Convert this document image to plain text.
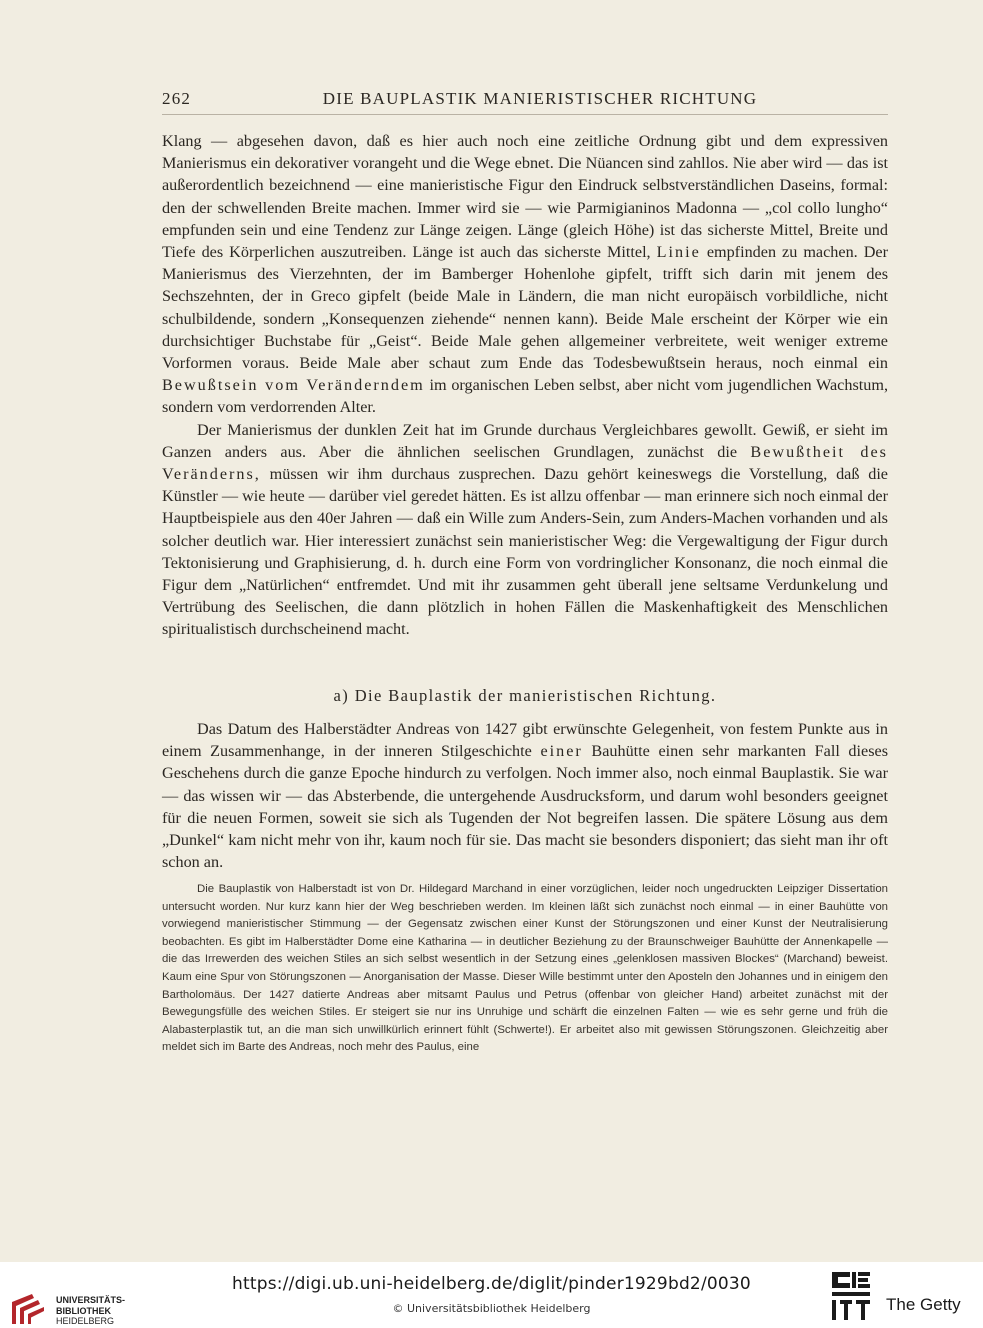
262	DIE BAUPLASTIK MANIERISTISCHER RICHTUNG

Klang — abgesehen davon, daß es hier auch noch eine zeitliche Ordnung gibt und dem expressiven Manierismus ein dekorativer vorangeht und die Wege ebnet. Die Nüancen sind zahllos. Nie aber wird — das ist außerordentlich bezeichnend — eine manieristische Figur den Eindruck selbstverständlichen Daseins, formal: den der schwellenden Breite machen. Immer wird sie — wie Parmigianinos Madonna — „col collo lungho“ empfunden sein und eine Tendenz zur Länge zeigen. Länge (gleich Höhe) ist das sicherste Mittel, Breite und Tiefe des Körperlichen auszutreiben. Länge ist auch das sicherste Mittel, Linie empfinden zu machen. Der Manierismus des Vierzehnten, der im Bamberger Hohenlohe gipfelt, trifft sich darin mit jenem des Sechszehnten, der in Greco gipfelt (beide Male in Ländern, die man nicht europäisch vorbildliche, nicht schulbildende, sondern „Konsequenzen ziehende“ nennen kann). Beide Male erscheint der Körper wie ein durchsichtiger Buchstabe für „Geist“. Beide Male gehen allgemeiner verbreitete, weit weniger extreme Vorformen voraus. Beide Male aber schaut zum Ende das Todesbewußtsein heraus, noch einmal ein Bewußtsein vom Veränderndem im organischen Leben selbst, aber nicht vom jugendlichen Wachstum, sondern vom verdorrenden Alter.

Der Manierismus der dunklen Zeit hat im Grunde durchaus Vergleichbares gewollt. Gewiß, er sieht im Ganzen anders aus. Aber die ähnlichen seelischen Grundlagen, zunächst die Bewußtheit des Veränderns, müssen wir ihm durchaus zusprechen. Dazu gehört keineswegs die Vorstellung, daß die Künstler — wie heute — darüber viel geredet hätten. Es ist allzu offenbar — man erinnere sich noch einmal der Hauptbeispiele aus den 40er Jahren — daß ein Wille zum Anders-Sein, zum Anders-Machen vorhanden und als solcher deutlich war. Hier interessiert zunächst sein manieristischer Weg: die Vergewaltigung der Figur durch Tektonisierung und Graphisierung, d. h. durch eine Form von vordringlicher Konsonanz, die noch einmal die Figur dem „Natürlichen“ entfremdet. Und mit ihr zusammen geht überall jene seltsame Verdunkelung und Vertrübung des Seelischen, die dann plötzlich in hohen Fällen die Maskenhaftigkeit des Menschlichen spiritualistisch durchscheinend macht.

a) Die Bauplastik der manieristischen Richtung.

Das Datum des Halberstädter Andreas von 1427 gibt erwünschte Gelegenheit, von festem Punkte aus in einem Zusammenhange, in der inneren Stilgeschichte einer Bauhütte einen sehr markanten Fall dieses Geschehens durch die ganze Epoche hindurch zu verfolgen. Noch immer also, noch einmal Bauplastik. Sie war — das wissen wir — das Absterbende, die untergehende Ausdrucksform, und darum wohl besonders geeignet für die neuen Formen, soweit sie sich als Tugenden der Not begreifen lassen. Die spätere Lösung aus dem „Dunkel“ kam nicht mehr von ihr, kaum noch für sie. Das macht sie besonders disponiert; das sieht man ihr oft schon an.

Die Bauplastik von Halberstadt ist von Dr. Hildegard Marchand in einer vorzüglichen, leider noch ungedruckten Leipziger Dissertation untersucht worden. Nur kurz kann hier der Weg beschrieben werden. Im kleinen läßt sich zunächst noch einmal — in einer Bauhütte von vorwiegend manieristischer Stimmung — der Gegensatz zwischen einer Kunst der Störungszonen und einer Kunst der Neutralisierung beobachten. Es gibt im Halberstädter Dome eine Katharina — in deutlicher Beziehung zu der Braunschweiger Bauhütte der Annenkapelle — die das Irrewerden des weichen Stiles an sich selbst wesentlich in der Setzung eines „gelenklosen massiven Blockes“ (Marchand) beweist. Kaum eine Spur von Störungszonen — Anorganisation der Masse. Dieser Wille bestimmt unter den Aposteln den Johannes und in einigem den Bartholomäus. Der 1427 datierte Andreas aber mitsamt Paulus und Petrus (offenbar von gleicher Hand) arbeitet zunächst mit der Bewegungsfülle des weichen Stiles. Er steigert sie nur ins Unruhige und schärft die einzelnen Falten — wie es sehr gerne und früh die Alabasterplastik tut, an die man sich unwillkürlich erinnert fühlt (Schwerte!). Er arbeitet also mit gewissen Störungszonen. Gleichzeitig aber meldet sich im Barte des Andreas, noch mehr des Paulus, eine

UNIVERSITÄTS-
BIBLIOTHEK
HEIDELBERG
https://digi.ub.uni-heidelberg.de/diglit/pinder1929bd2/0030
© Universitätsbibliothek Heidelberg	The Getty
